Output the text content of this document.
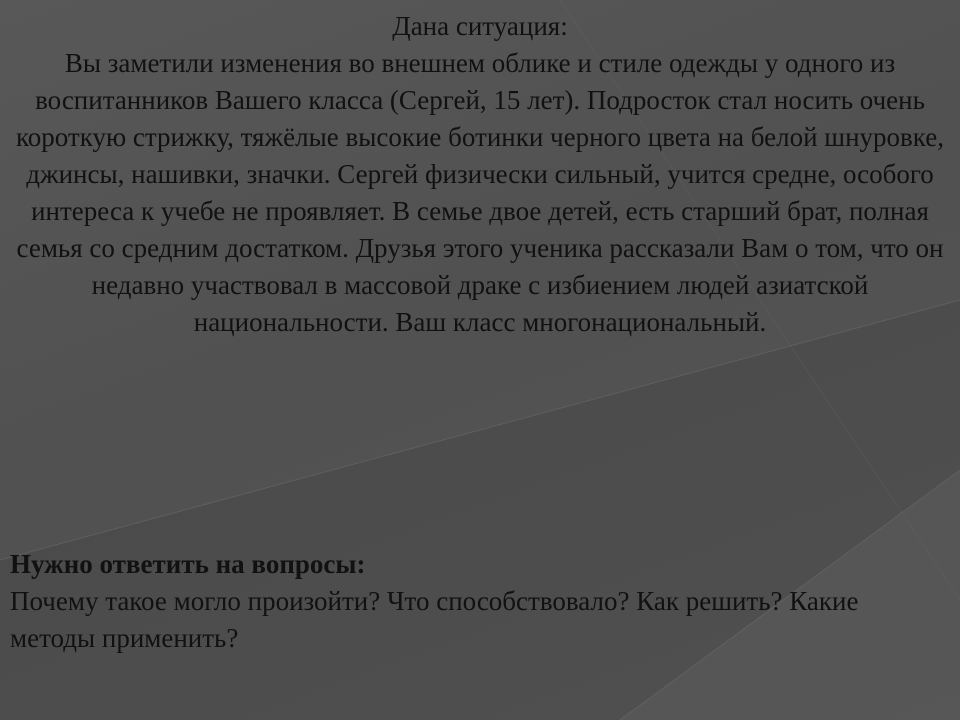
Дана ситуация:
Вы заметили изменения во внешнем облике и стиле одежды у одного из воспитанников Вашего класса (Сергей, 15 лет). Подросток стал носить очень короткую стрижку, тяжёлые высокие ботинки черного цвета на белой шнуровке, джинсы, нашивки, значки. Сергей физически сильный, учится средне, особого интереса к учебе не проявляет. В семье двое детей, есть старший брат, полная семья со средним достатком. Друзья этого ученика рассказали Вам о том, что он недавно участвовал в массовой драке с избиением людей азиатской национальности. Ваш класс многонациональный.
Нужно ответить на вопросы:
Почему такое могло произойти? Что способствовало? Как решить? Какие методы применить?
